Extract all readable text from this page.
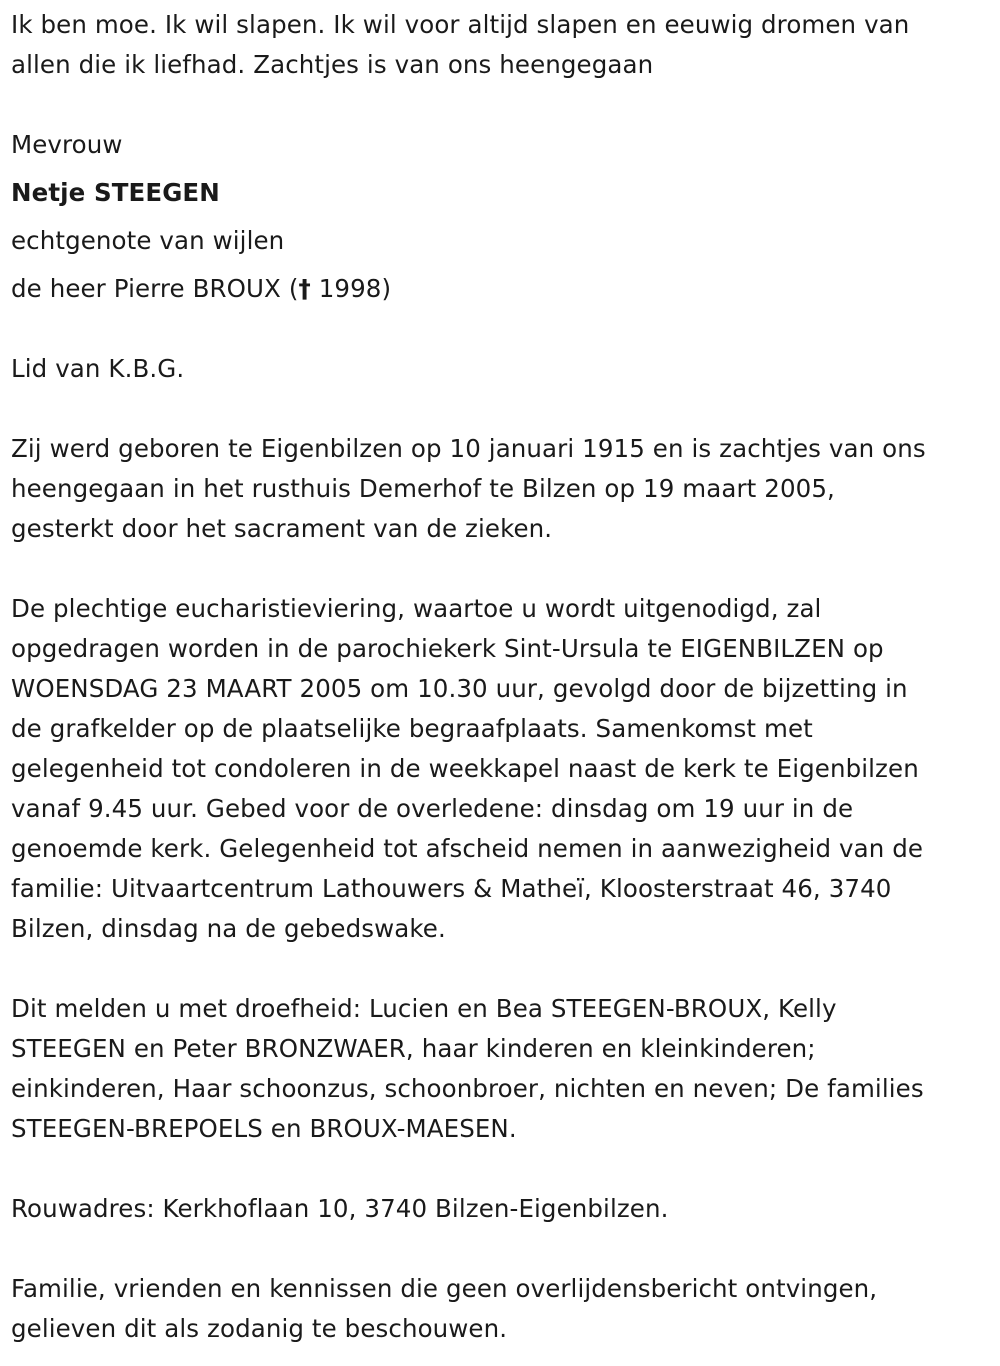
Ik ben moe. Ik wil slapen. Ik wil voor altijd slapen en eeuwig dromen van
allen die ik liefhad. Zachtjes is van ons heengegaan
Mevrouw
Netje STEEGEN
echtgenote van wijlen
de heer Pierre BROUX († 1998)
Lid van K.B.G.
Zij werd geboren te Eigenbilzen op 10 januari 1915 en is zachtjes van ons
heengegaan in het rusthuis Demerhof te Bilzen op 19 maart 2005,
gesterkt door het sacrament van de zieken.
De plechtige eucharistieviering, waartoe u wordt uitgenodigd, zal
opgedragen worden in de parochiekerk Sint-Ursula te EIGENBILZEN op
WOENSDAG 23 MAART 2005 om 10.30 uur, gevolgd door de bijzetting in
de grafkelder op de plaatselijke begraafplaats. Samenkomst met
gelegenheid tot condoleren in de weekkapel naast de kerk te Eigenbilzen
vanaf 9.45 uur. Gebed voor de overledene: dinsdag om 19 uur in de
genoemde kerk. Gelegenheid tot afscheid nemen in aanwezigheid van de
familie: Uitvaartcentrum Lathouwers & Matheï, Kloosterstraat 46, 3740
Bilzen, dinsdag na de gebedswake.
Dit melden u met droefheid: Lucien en Bea STEEGEN-BROUX, Kelly
STEEGEN en Peter BRONZWAER, haar kinderen en kleinkinderen;
einkinderen, Haar schoonzus, schoonbroer, nichten en neven; De families
STEEGEN-BREPOELS en BROUX-MAESEN.
Rouwadres: Kerkhoflaan 10, 3740 Bilzen-Eigenbilzen.
Familie, vrienden en kennissen die geen overlijdensbericht ontvingen,
gelieven dit als zodanig te beschouwen.
